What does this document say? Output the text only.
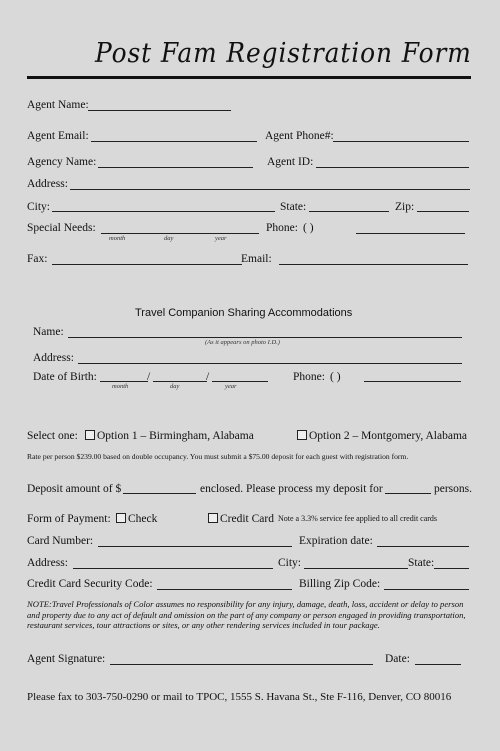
Post Fam Registration Form
Agent Name:
Agent Email:	Agent Phone#:
Agency Name:	Agent ID:
Address:
City:	State:	Zip:
Special Needs:
month	day	year
Phone: ( )
Fax:	Email:
Travel Companion Sharing Accommodations
Name:
(As it appears on photo I.D.)
Address:
Date of Birth:	/	/
month	day	year
Phone: ( )
Select one:	Option 1 – Birmingham, Alabama	Option 2 – Montgomery, Alabama
Rate per person $239.00 based on double occupancy. You must submit a $75.00 deposit for each guest with registration form.
Deposit amount of $	enclosed. Please process my deposit for	persons.
Form of Payment:	Check	Credit Card Note a 3.3% service fee applied to all credit cards
Card Number:	Expiration date:
Address:	City:	State:
Credit Card Security Code:	Billing Zip Code:
NOTE:Travel Professionals of Color assumes no responsibility for any injury, damage, death, loss, accident or delay to person and property due to any act of default and omission on the part of any company or person engaged in providing transportation, restaurant services, tour attractions or sites, or any other rendering services included in tour package.
Agent Signature:	Date:
Please fax to 303-750-0290 or mail to TPOC, 1555 S. Havana St., Ste F-116, Denver, CO 80016
